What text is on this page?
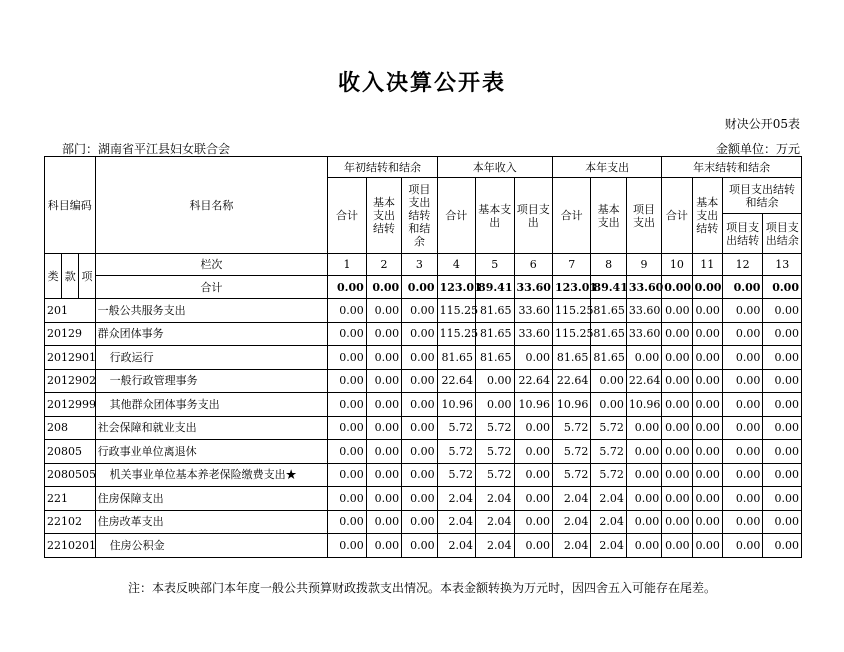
收入决算公开表
财决公开05表
部门：湖南省平江县妇女联合会	金额单位：万元
科目编码			科目名称	年初结转和结余			本年收入			本年支出			年末结转和结余			
				合计	基本支出结转	项目支出结转和结余	合计	基本支出	项目支出	合计	基本支出	项目支出	合计	基本支出结转	项目支出结转和结余	
															项目支出结转	项目支出结余
类	款	项	栏次	1	2	3	4	5	6	7	8	9	10	11	12	13
			合计	0.00	0.00	0.00	123.01	89.41	33.60	123.01	89.41	33.60	0.00	0.00	0.00	0.00
201			一般公共服务支出	0.00	0.00	0.00	115.25	81.65	33.60	115.25	81.65	33.60	0.00	0.00	0.00	0.00
20129			群众团体事务	0.00	0.00	0.00	115.25	81.65	33.60	115.25	81.65	33.60	0.00	0.00	0.00	0.00
2012901			行政运行	0.00	0.00	0.00	81.65	81.65	0.00	81.65	81.65	0.00	0.00	0.00	0.00	0.00
2012902			一般行政管理事务	0.00	0.00	0.00	22.64	0.00	22.64	22.64	0.00	22.64	0.00	0.00	0.00	0.00
2012999			其他群众团体事务支出	0.00	0.00	0.00	10.96	0.00	10.96	10.96	0.00	10.96	0.00	0.00	0.00	0.00
208			社会保障和就业支出	0.00	0.00	0.00	5.72	5.72	0.00	5.72	5.72	0.00	0.00	0.00	0.00	0.00
20805			行政事业单位离退休	0.00	0.00	0.00	5.72	5.72	0.00	5.72	5.72	0.00	0.00	0.00	0.00	0.00
2080505			机关事业单位基本养老保险缴费支出★	0.00	0.00	0.00	5.72	5.72	0.00	5.72	5.72	0.00	0.00	0.00	0.00	0.00
221			住房保障支出	0.00	0.00	0.00	2.04	2.04	0.00	2.04	2.04	0.00	0.00	0.00	0.00	0.00
22102			住房改革支出	0.00	0.00	0.00	2.04	2.04	0.00	2.04	2.04	0.00	0.00	0.00	0.00	0.00
2210201			住房公积金	0.00	0.00	0.00	2.04	2.04	0.00	2.04	2.04	0.00	0.00	0.00	0.00	0.00
注：本表反映部门本年度一般公共预算财政拨款支出情况。本表金额转换为万元时，因四舍五入可能存在尾差。
